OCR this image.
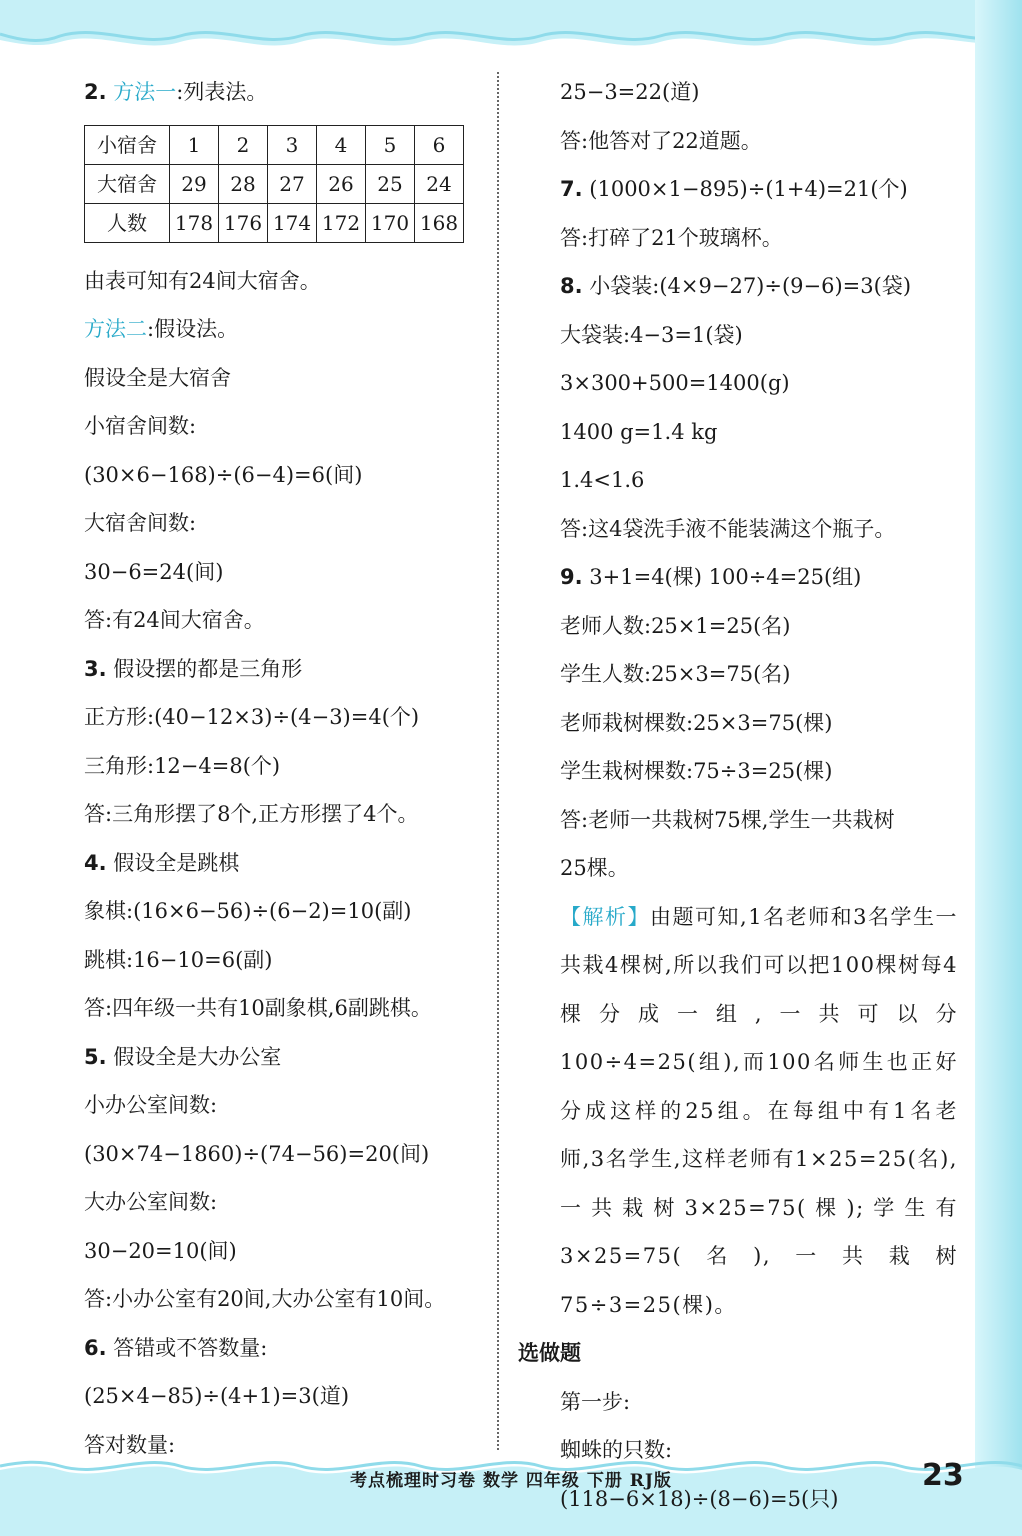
2. 方法一:列表法。
小宿舍	1	2	3	4	5	6
大宿舍	29	28	27	26	25	24
人数	178	176	174	172	170	168
由表可知有24间大宿舍。
方法二:假设法。
假设全是大宿舍
小宿舍间数:
(30×6−168)÷(6−4)=6(间)
大宿舍间数:
30−6=24(间)
答:有24间大宿舍。
3. 假设摆的都是三角形
正方形:(40−12×3)÷(4−3)=4(个)
三角形:12−4=8(个)
答:三角形摆了8个,正方形摆了4个。
4. 假设全是跳棋
象棋:(16×6−56)÷(6−2)=10(副)
跳棋:16−10=6(副)
答:四年级一共有10副象棋,6副跳棋。
5. 假设全是大办公室
小办公室间数:
(30×74−1860)÷(74−56)=20(间)
大办公室间数:
30−20=10(间)
答:小办公室有20间,大办公室有10间。
6. 答错或不答数量:
(25×4−85)÷(4+1)=3(道)
答对数量:
25−3=22(道)
答:他答对了22道题。
7. (1000×1−895)÷(1+4)=21(个)
答:打碎了21个玻璃杯。
8. 小袋装:(4×9−27)÷(9−6)=3(袋)
大袋装:4−3=1(袋)
3×300+500=1400(g)
1400 g=1.4 kg
1.4<1.6
答:这4袋洗手液不能装满这个瓶子。
9. 3+1=4(棵) 100÷4=25(组)
老师人数:25×1=25(名)
学生人数:25×3=75(名)
老师栽树棵数:25×3=75(棵)
学生栽树棵数:75÷3=25(棵)
答:老师一共栽树75棵,学生一共栽树
25棵。
【解析】由题可知,1名老师和3名学生一共栽4棵树,所以我们可以把100棵树每4棵分成一组,一共可以分100÷4=25(组),而100名师生也正好分成这样的25组。在每组中有1名老师,3名学生,这样老师有1×25=25(名),一共栽树3×25=75(棵);学生有3×25=75(名),一共栽树75÷3=25(棵)。
选做题
第一步:
蜘蛛的只数:
(118−6×18)÷(8−6)=5(只)
考点梳理时习卷 数学 四年级 下册 RJ版	23
